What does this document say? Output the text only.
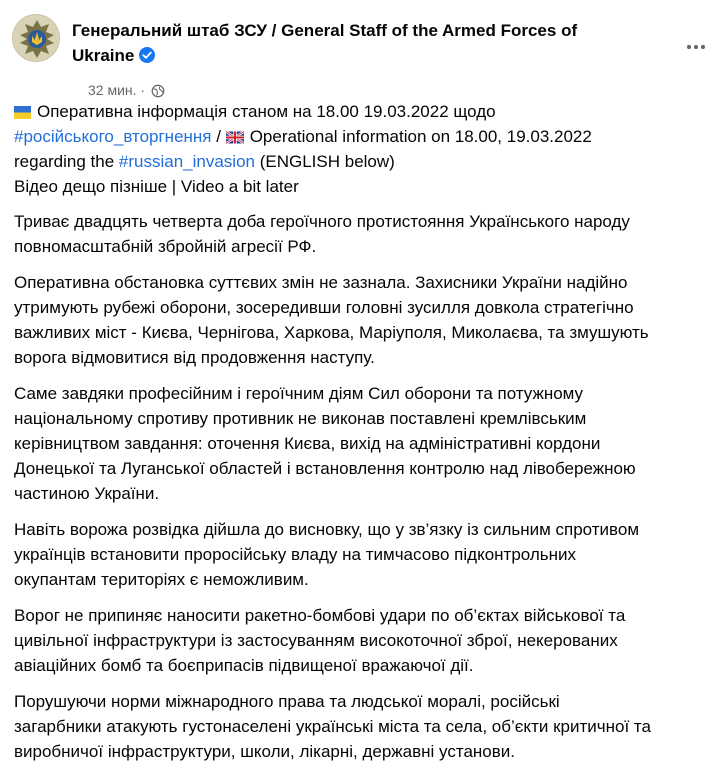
Генеральний штаб ЗСУ / General Staff of the Armed Forces of Ukraine
32 мин. ·
Оперативна інформація станом на 18.00 19.03.2022 щодо
#російського_вторгнення / Operational information on 18.00, 19.03.2022
regarding the #russian_invasion (ENGLISH below)
Відео дещо пізніше | Video a bit later
Триває двадцять четверта доба героїчного протистояння Українського народу
повномасштабній збройній агресії РФ.
Оперативна обстановка суттєвих змін не зазнала. Захисники України надійно
утримують рубежі оборони, зосередивши головні зусилля довкола стратегічно
важливих міст - Києва, Чернігова, Харкова, Маріуполя, Миколаєва, та змушують
ворога відмовитися від продовження наступу.
Саме завдяки професійним і героїчним діям Сил оборони та потужному
національному спротиву противник не виконав поставлені кремлівським
керівництвом завдання: оточення Києва, вихід на адміністративні кордони
Донецької та Луганської областей і встановлення контролю над лівобережною
частиною України.
Навіть ворожа розвідка дійшла до висновку, що у зв’язку із сильним спротивом
українців встановити проросійську владу на тимчасово підконтрольних
окупантам територіях є неможливим.
Ворог не припиняє наносити ракетно-бомбові удари по об’єктах військової та
цивільної інфраструктури із застосуванням високоточної зброї, некерованих
авіаційних бомб та боєприпасів підвищеної вражаючої дії.
Порушуючи норми міжнародного права та людської моралі, російські
загарбники атакують густонаселені українські міста та села, об’єкти критичної та
виробничої інфраструктури, школи, лікарні, державні установи.
